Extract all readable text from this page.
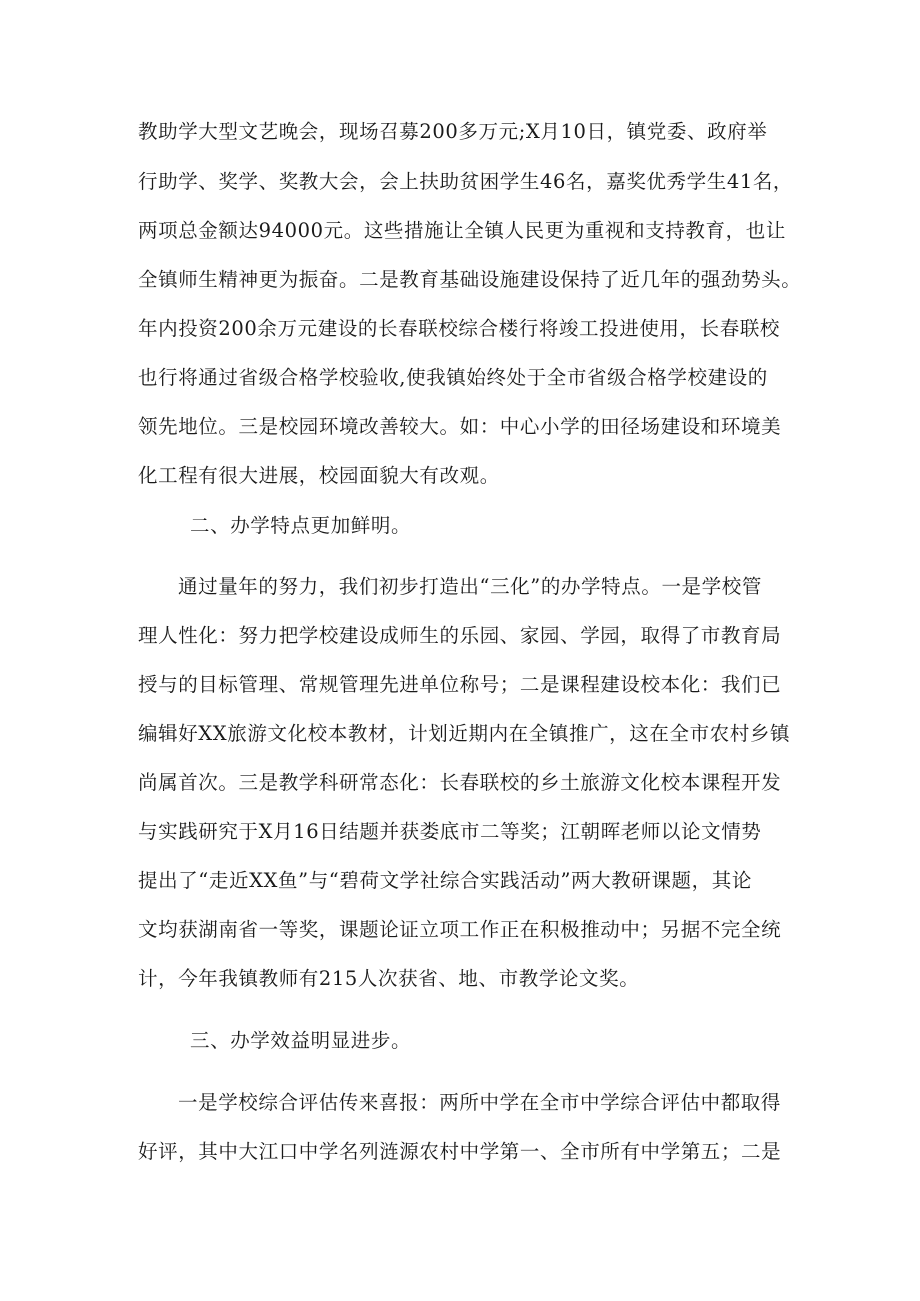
教助学大型文艺晚会，现场召募200多万元;X月10日，镇党委、政府举
行助学、奖学、奖教大会，会上扶助贫困学生46名，嘉奖优秀学生41名，
两项总金额达94000元。这些措施让全镇人民更为重视和支持教育，也让
全镇师生精神更为振奋。二是教育基础设施建设保持了近几年的强劲势头。
年内投资200余万元建设的长春联校综合楼行将竣工投进使用，长春联校
也行将通过省级合格学校验收,使我镇始终处于全市省级合格学校建设的
领先地位。三是校园环境改善较大。如：中心小学的田径场建设和环境美
化工程有很大进展，校园面貌大有改观。
二、办学特点更加鲜明。
通过量年的努力，我们初步打造出“三化”的办学特点。一是学校管
理人性化：努力把学校建设成师生的乐园、家园、学园，取得了市教育局
授与的目标管理、常规管理先进单位称号；二是课程建设校本化：我们已
编辑好XX旅游文化校本教材，计划近期内在全镇推广，这在全市农村乡镇
尚属首次。三是教学科研常态化：长春联校的乡土旅游文化校本课程开发
与实践研究于X月16日结题并获娄底市二等奖；江朝晖老师以论文情势
提出了“走近XX鱼”与“碧荷文学社综合实践活动”两大教研课题，其论
文均获湖南省一等奖，课题论证立项工作正在积极推动中；另据不完全统
计，今年我镇教师有215人次获省、地、市教学论文奖。
三、办学效益明显进步。
一是学校综合评估传来喜报：两所中学在全市中学综合评估中都取得
好评，其中大江口中学名列涟源农村中学第一、全市所有中学第五；二是
